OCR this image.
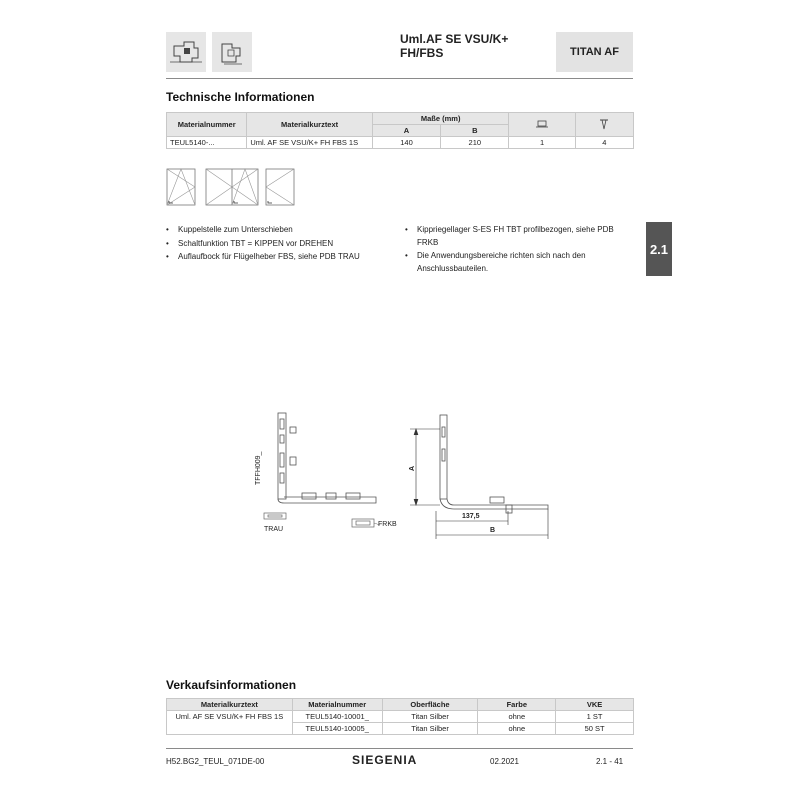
Uml.AF SE VSU/K+ FH/FBS	TITAN AF
Technische Informationen
Materialnummer	Materialkurztext	Maße (mm)		
		A	B		
TEUL5140-...	Uml. AF SE VSU/K+ FH FBS 1S	140	210	1	4
• Kuppelstelle zum Unterschieben
• Schaltfunktion TBT = KIPPEN vor DREHEN
• Auflaufbock für Flügelheber FBS, siehe PDB TRAU
• Kippriegellager S-ES FH TBT profilbezogen, siehe PDB FRKB
• Die Anwendungsbereiche richten sich nach den Anschlussbauteilen.
2.1
TFFH009_
TRAU
FRKB
A
137,5
B
Verkaufsinformationen
Materialkurztext	Materialnummer	Oberfläche	Farbe	VKE
Uml. AF SE VSU/K+ FH FBS 1S	TEUL5140-10001_	Titan Silber	ohne	1 ST
	TEUL5140-10005_	Titan Silber	ohne	50 ST
H52.BG2_TEUL_071DE-00	SIEGENIA	02.2021	2.1 - 41
